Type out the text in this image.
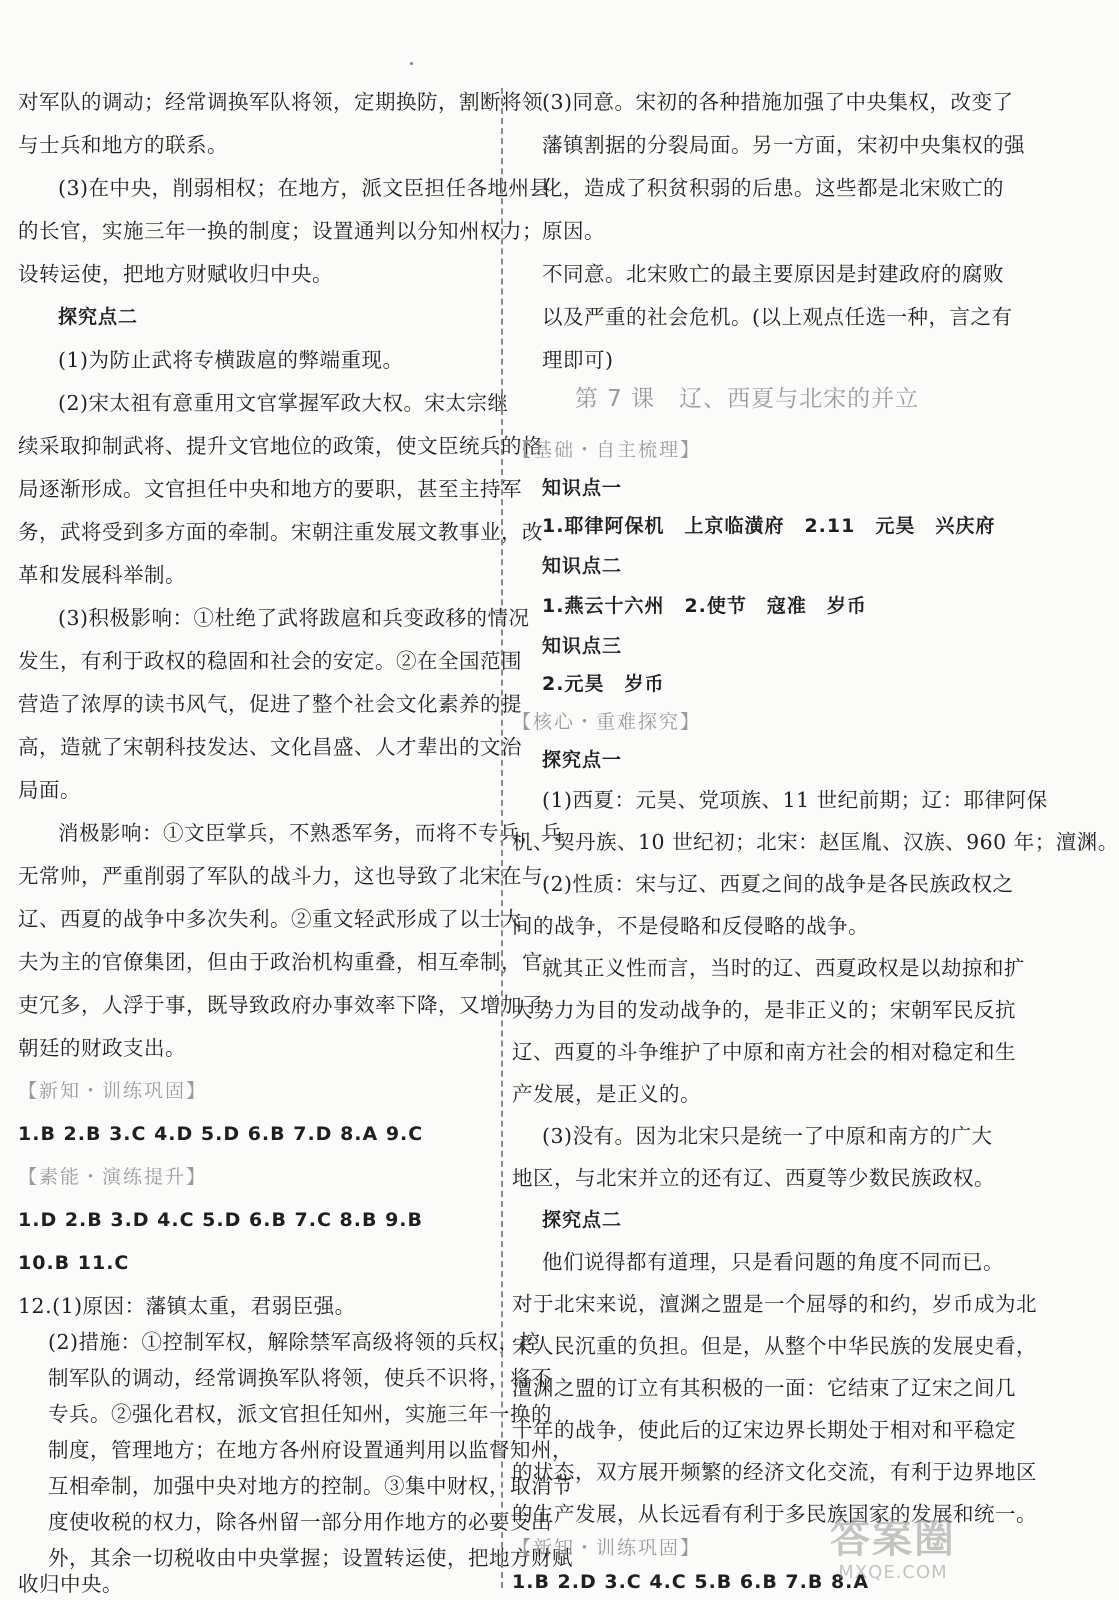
对军队的调动；经常调换军队将领，定期换防，割断将领
与士兵和地方的联系。
(3)在中央，削弱相权；在地方，派文臣担任各地州县
的长官，实施三年一换的制度；设置通判以分知州权力；
设转运使，把地方财赋收归中央。
探究点二
(1)为防止武将专横跋扈的弊端重现。
(2)宋太祖有意重用文官掌握军政大权。宋太宗继
续采取抑制武将、提升文官地位的政策，使文臣统兵的格
局逐渐形成。文官担任中央和地方的要职，甚至主持军
务，武将受到多方面的牵制。宋朝注重发展文教事业，改
革和发展科举制。
(3)积极影响：①杜绝了武将跋扈和兵变政移的情况
发生，有利于政权的稳固和社会的安定。②在全国范围
营造了浓厚的读书风气，促进了整个社会文化素养的提
高，造就了宋朝科技发达、文化昌盛、人才辈出的文治
局面。
消极影响：①文臣掌兵，不熟悉军务，而将不专兵，兵
无常帅，严重削弱了军队的战斗力，这也导致了北宋在与
辽、西夏的战争中多次失利。②重文轻武形成了以士大
夫为主的官僚集团，但由于政治机构重叠，相互牵制，官
吏冗多，人浮于事，既导致政府办事效率下降，又增加了
朝廷的财政支出。
【新知・训练巩固】
1.B 2.B 3.C 4.D 5.D 6.B 7.D 8.A 9.C
【素能・演练提升】
1.D 2.B 3.D 4.C 5.D 6.B 7.C 8.B 9.B
10.B 11.C
12.(1)原因：藩镇太重，君弱臣强。
(2)措施：①控制军权，解除禁军高级将领的兵权，控
制军队的调动，经常调换军队将领，使兵不识将，将不
专兵。②强化君权，派文官担任知州，实施三年一换的
制度，管理地方；在地方各州府设置通判用以监督知州，
互相牵制，加强中央对地方的控制。③集中财权，取消节
度使收税的权力，除各州留一部分用作地方的必要支出
外，其余一切税收由中央掌握；设置转运使，把地方财赋
收归中央。
(3)同意。宋初的各种措施加强了中央集权，改变了
藩镇割据的分裂局面。另一方面，宋初中央集权的强
化，造成了积贫积弱的后患。这些都是北宋败亡的
原因。
不同意。北宋败亡的最主要原因是封建政府的腐败
以及严重的社会危机。(以上观点任选一种，言之有
理即可)
第 7 课　辽、西夏与北宋的并立
【基础・自主梳理】
知识点一
1.耶律阿保机　上京临潢府　2.11　元昊　兴庆府
知识点二
1.燕云十六州　2.使节　寇准　岁币
知识点三
2.元昊　岁币
【核心・重难探究】
探究点一
(1)西夏：元昊、党项族、11 世纪前期；辽：耶律阿保
机、契丹族、10 世纪初；北宋：赵匡胤、汉族、960 年；澶渊。
(2)性质：宋与辽、西夏之间的战争是各民族政权之
间的战争，不是侵略和反侵略的战争。
就其正义性而言，当时的辽、西夏政权是以劫掠和扩
大势力为目的发动战争的，是非正义的；宋朝军民反抗
辽、西夏的斗争维护了中原和南方社会的相对稳定和生
产发展，是正义的。
(3)没有。因为北宋只是统一了中原和南方的广大
地区，与北宋并立的还有辽、西夏等少数民族政权。
探究点二
他们说得都有道理，只是看问题的角度不同而已。
对于北宋来说，澶渊之盟是一个屈辱的和约，岁币成为北
宋人民沉重的负担。但是，从整个中华民族的发展史看，
澶渊之盟的订立有其积极的一面：它结束了辽宋之间几
十年的战争，使此后的辽宋边界长期处于相对和平稳定
的状态，双方展开频繁的经济文化交流，有利于边界地区
的生产发展，从长远看有利于多民族国家的发展和统一。
【新知・训练巩固】
1.B 2.D 3.C 4.C 5.B 6.B 7.B 8.A
答案圈
MXQE.COM
